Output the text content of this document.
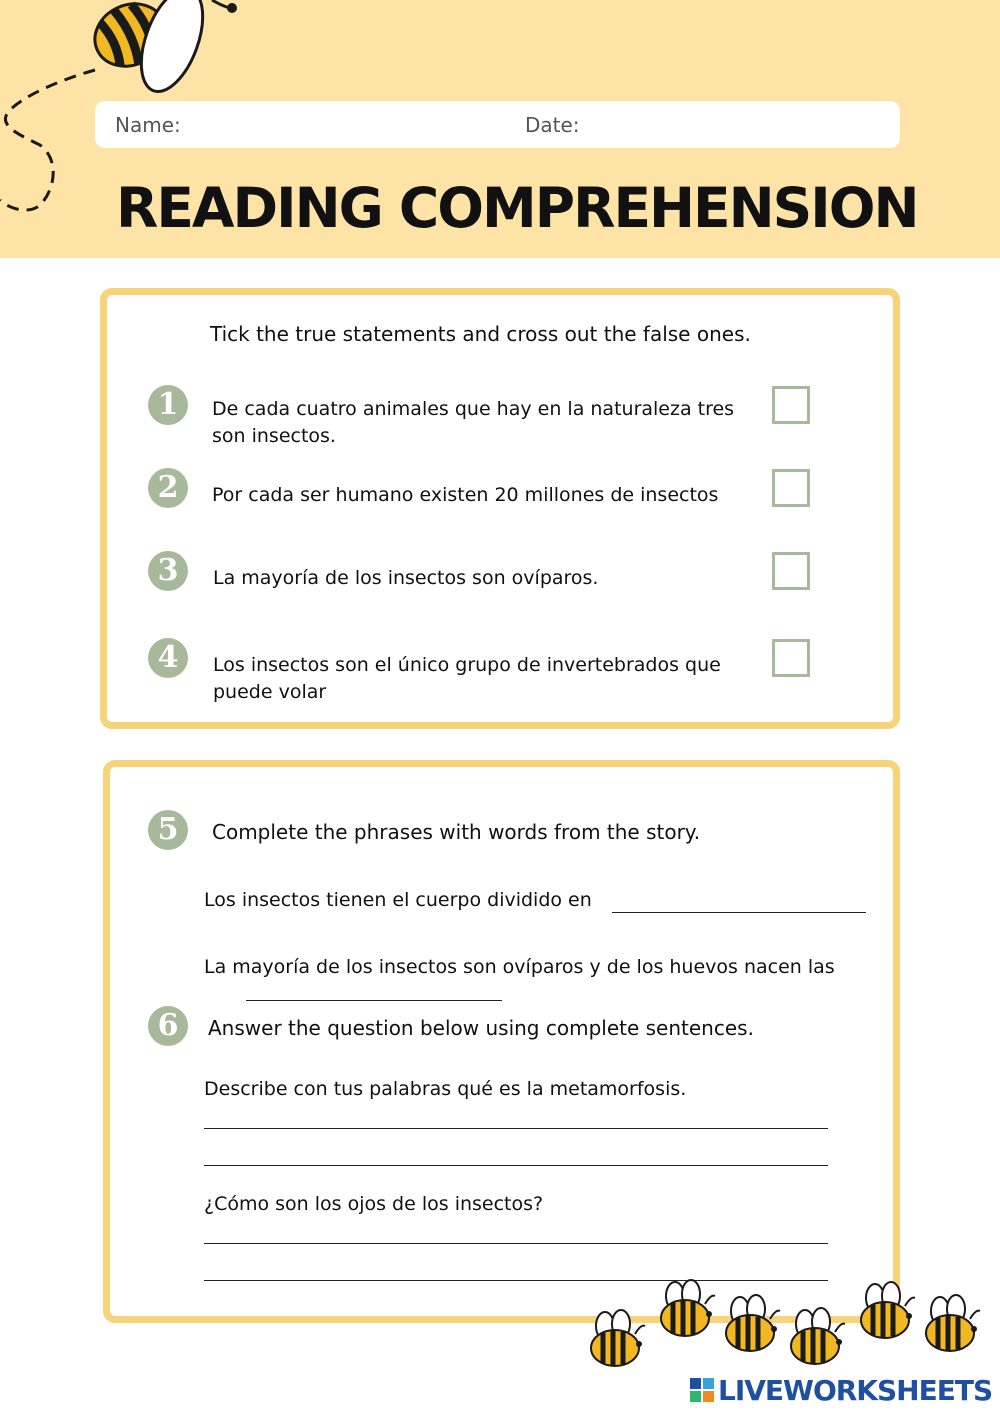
Name:	Date:
READING COMPREHENSION
Tick the true statements and cross out the false ones.
1	De cada cuatro animales que hay en la naturaleza tres son insectos.
2	Por cada ser humano existen 20 millones de insectos
3	La mayoría de los insectos son ovíparos.
4	Los insectos son el único grupo de invertebrados que puede volar
5	Complete the phrases with words from the story.
Los insectos tienen el cuerpo dividido en
La mayoría de los insectos son ovíparos y de los huevos nacen las
6	Answer the question below using complete sentences.
Describe con tus palabras qué es la metamorfosis.
¿Cómo son los ojos de los insectos?
LIVEWORKSHEETS
